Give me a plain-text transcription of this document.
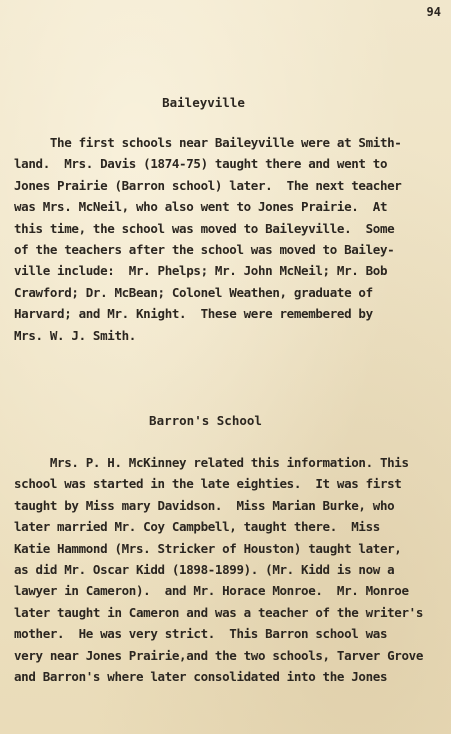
94
Baileyville
The first schools near Baileyville were at Smith-
land.  Mrs. Davis (1874-75) taught there and went to
Jones Prairie (Barron school) later.  The next teacher
was Mrs. McNeil, who also went to Jones Prairie.  At
this time, the school was moved to Baileyville.  Some
of the teachers after the school was moved to Bailey-
ville include:  Mr. Phelps; Mr. John McNeil; Mr. Bob
Crawford; Dr. McBean; Colonel Weathen, graduate of
Harvard; and Mr. Knight.  These were remembered by
Mrs. W. J. Smith.
Barron's School
Mrs. P. H. McKinney related this information. This
school was started in the late eighties.  It was first
taught by Miss mary Davidson.  Miss Marian Burke, who
later married Mr. Coy Campbell, taught there.  Miss
Katie Hammond (Mrs. Stricker of Houston) taught later,
as did Mr. Oscar Kidd (1898-1899). (Mr. Kidd is now a
lawyer in Cameron).  and Mr. Horace Monroe.  Mr. Monroe
later taught in Cameron and was a teacher of the writer's
mother.  He was very strict.  This Barron school was
very near Jones Prairie,and the two schools, Tarver Grove
and Barron's where later consolidated into the Jones
